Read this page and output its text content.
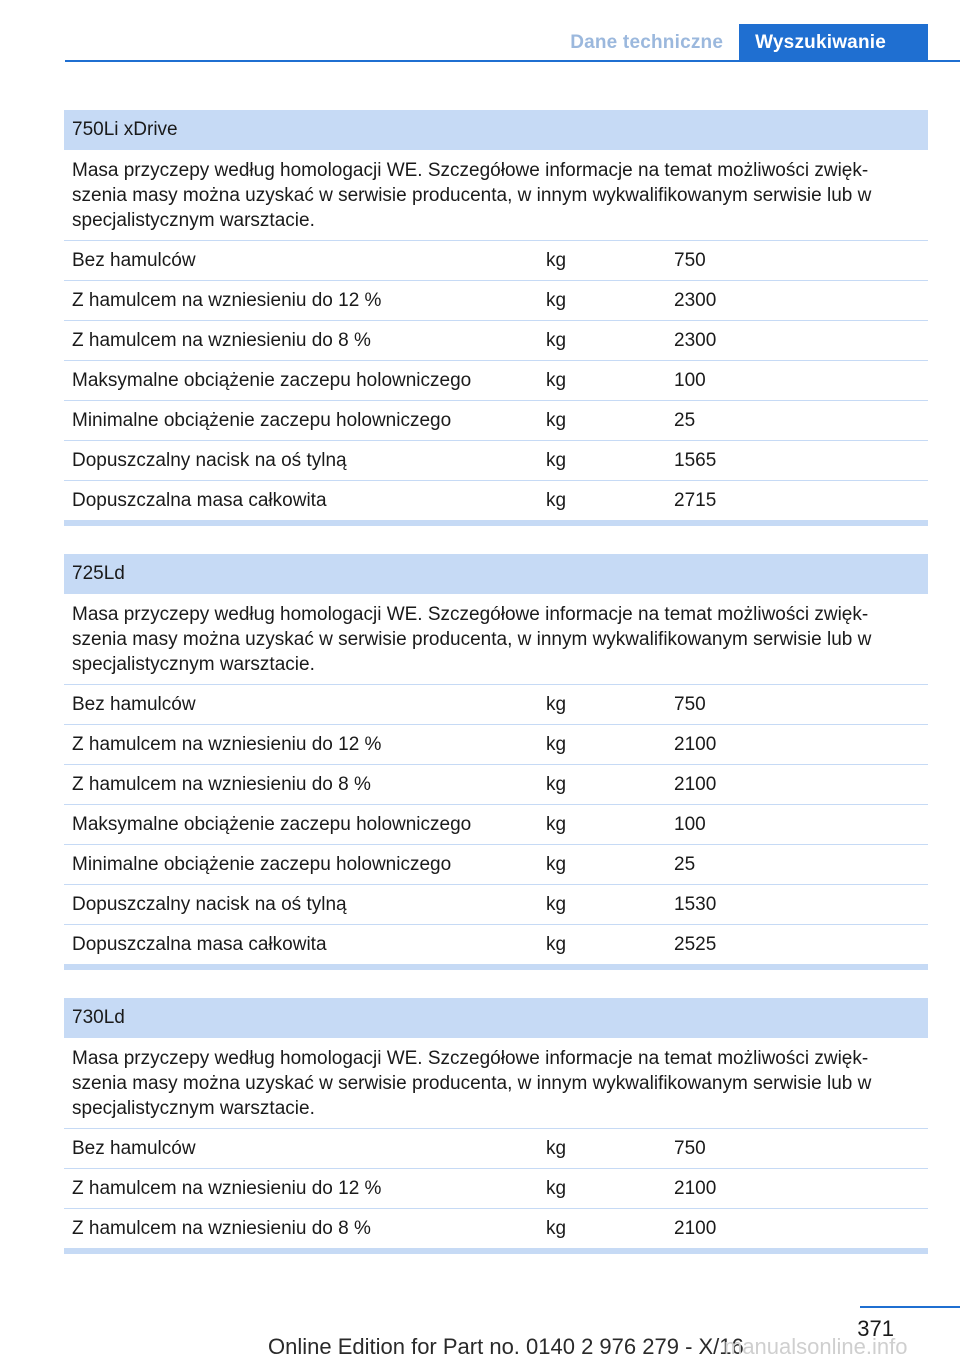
Dane techniczne	Wyszukiwanie
750Li xDrive

Masa przyczepy według homologacji WE. Szczegółowe informacje na temat możliwości zwięk-szenia masy można uzyskać w serwisie producenta, w innym wykwalifikowanym serwisie lub w specjalistycznym warsztacie.

Bez hamulców	kg	750
Z hamulcem na wzniesieniu do 12 %	kg	2300
Z hamulcem na wzniesieniu do 8 %	kg	2300
Maksymalne obciążenie zaczepu holowniczego	kg	100
Minimalne obciążenie zaczepu holowniczego	kg	25
Dopuszczalny nacisk na oś tylną	kg	1565
Dopuszczalna masa całkowita	kg	2715
725Ld

Masa przyczepy według homologacji WE. Szczegółowe informacje na temat możliwości zwięk-szenia masy można uzyskać w serwisie producenta, w innym wykwalifikowanym serwisie lub w specjalistycznym warsztacie.

Bez hamulców	kg	750
Z hamulcem na wzniesieniu do 12 %	kg	2100
Z hamulcem na wzniesieniu do 8 %	kg	2100
Maksymalne obciążenie zaczepu holowniczego	kg	100
Minimalne obciążenie zaczepu holowniczego	kg	25
Dopuszczalny nacisk na oś tylną	kg	1530
Dopuszczalna masa całkowita	kg	2525
730Ld

Masa przyczepy według homologacji WE. Szczegółowe informacje na temat możliwości zwięk-szenia masy można uzyskać w serwisie producenta, w innym wykwalifikowanym serwisie lub w specjalistycznym warsztacie.

Bez hamulców	kg	750
Z hamulcem na wzniesieniu do 12 %	kg	2100
Z hamulcem na wzniesieniu do 8 %	kg	2100
371
Online Edition for Part no. 0140 2 976 279 - X/16
manualsonline.info
